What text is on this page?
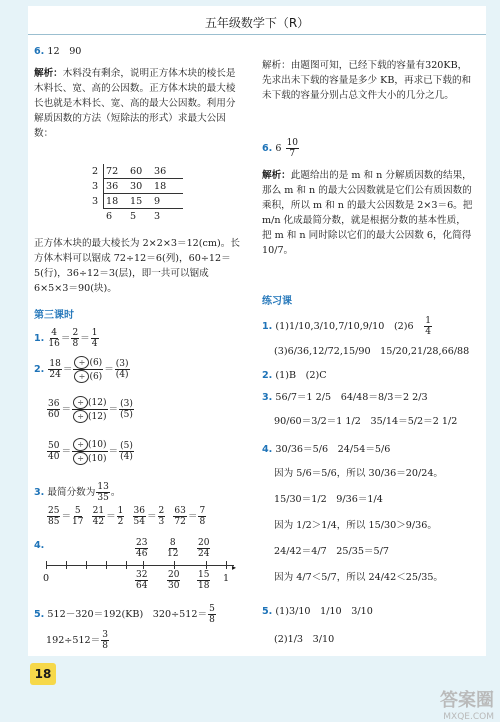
五年级数学下（R）
6. 12　90
解析：木料没有剩余，说明正方体木块的棱长是木料长、宽、高的公因数。正方体木块的最大棱长也就是木料长、宽、高的最大公因数。利用分解质因数的方法（短除法的形式）求最大公因数：
2 72 60 36
3 36 30 18
3 18 15 9
6 5 3
正方体木块的最大棱长为 2×2×3＝12(cm)。长方体木料可以锯成 72÷12＝6(列)，60÷12＝5(行)，36÷12＝3(层)，即一共可以锯成 6×5×3＝90(块)。
第三课时
1. $\frac{4}{16} = \frac{2}{8} = \frac{1}{4}$
2. $\frac{18}{24} = \frac{\div (6)}{\div (6)} = \frac{(3)}{(4)}$
$\frac{36}{60} = \frac{\div (12)}{\div (12)} = \frac{(3)}{(5)}$
$\frac{50}{40} = \frac{\div (10)}{\div (10)} = \frac{(5)}{(4)}$
3. 最简分数为 $\frac{13}{35}$ 。
$\frac{25}{85} = \frac{5}{17}$
$\frac{21}{42} = \frac{1}{2}$
$\frac{36}{54} = \frac{2}{3}$
$\frac{63}{72} = \frac{7}{8}$
4.	$\frac{23}{46} \frac{8}{12} \frac{20}{24}$
▸
0	1
$\frac{32}{64} \frac{20}{30} \frac{15}{18}$
5. 512－320＝192(KB)　$320\div 512= \frac{5}{8}$
$192\div 512= \frac{3}{8}$
解析：由题图可知，已经下载的容量有320KB，先求出未下载的容量是多少 KB，再求已下载的和未下载的容量分别占总文件大小的几分之几。
6. $6 \frac{10}{7}$
解析：此题给出的是 m 和 n 分解质因数的结果，那么 m 和 n 的最大公因数就是它们公有质因数的乘积，所以 m 和 n 的最大公因数是 2×3＝6。把 m/n 化成最简分数，就是根据分数的基本性质，把 m 和 n 同时除以它们的最大公因数 6，化简得 10/7。
练习课
1. (1)1/10,3/10,7/10,9/10　 (2)6　 $\frac{1}{4}$
(3)6/36,12/72,15/90　 15/20,21/28,66/88
2. (1)B　(2)C
3. 56/7＝1 2/5　64/48＝8/3＝2 2/3
90/60＝3/2＝1 1/2　35/14＝5/2＝2 1/2
4. 30/36＝5/6　24/54＝5/6
因为 5/6＝5/6，所以 30/36＝20/24。
15/30＝1/2　9/36＝1/4
因为 1/2＞1/4，所以 15/30＞9/36。
24/42＝4/7　25/35＝5/7
因为 4/7＜5/7，所以 24/42＜25/35。
5. (1)3/10　1/10　3/10
(2)1/3　3/10
18
答案圈
MXQE.COM
